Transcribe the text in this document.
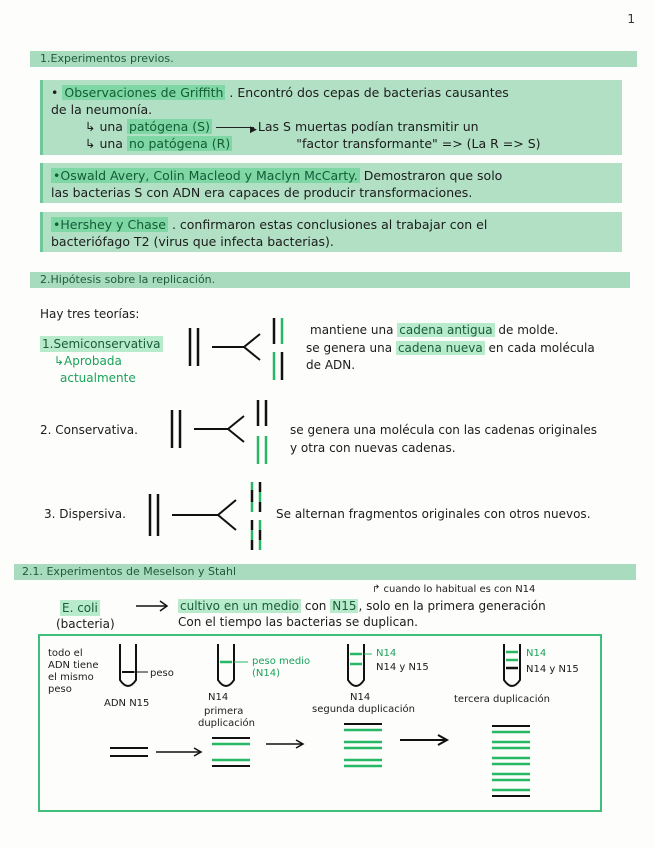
1
1.Experimentos previos.
• Observaciones de Griffith . Encontró dos cepas de bacterias causantes
de la neumonía.
↳ una patógena (S)	▶ Las S muertas podían transmitir un
↳ una no patógena (R)	"factor transformante" => (La R => S)
•Oswald Avery, Colin Macleod y Maclyn McCarty. Demostraron que solo
las bacterias S con ADN era capaces de producir transformaciones.
•Hershey y Chase . confirmaron estas conclusiones al trabajar con el
bacteriófago T2 (virus que infecta bacterias).
2.Hipótesis sobre la replicación.
Hay tres teorías:
1.Semiconservativa
↳Aprobada
actualmente
mantiene una cadena antigua de molde.
se genera una cadena nueva en cada molécula
de ADN.
2. Conservativa.	se genera una molécula con las cadenas originales
y otra con nuevas cadenas.
3. Dispersiva.	Se alternan fragmentos originales con otros nuevos.
2.1. Experimentos de Meselson y Stahl
↱ cuando lo habitual es con N14
E. coli
(bacteria)
cultivo en un medio con N15 , solo en la primera generación
Con el tiempo las bacterias se duplican.
todo el ADN tiene el mismo peso
peso
peso medio (N14)
N14
N14 y N15
N14
N14 y N15
ADN N15
N14
primera
duplicación
N14
segunda duplicación
tercera duplicación
